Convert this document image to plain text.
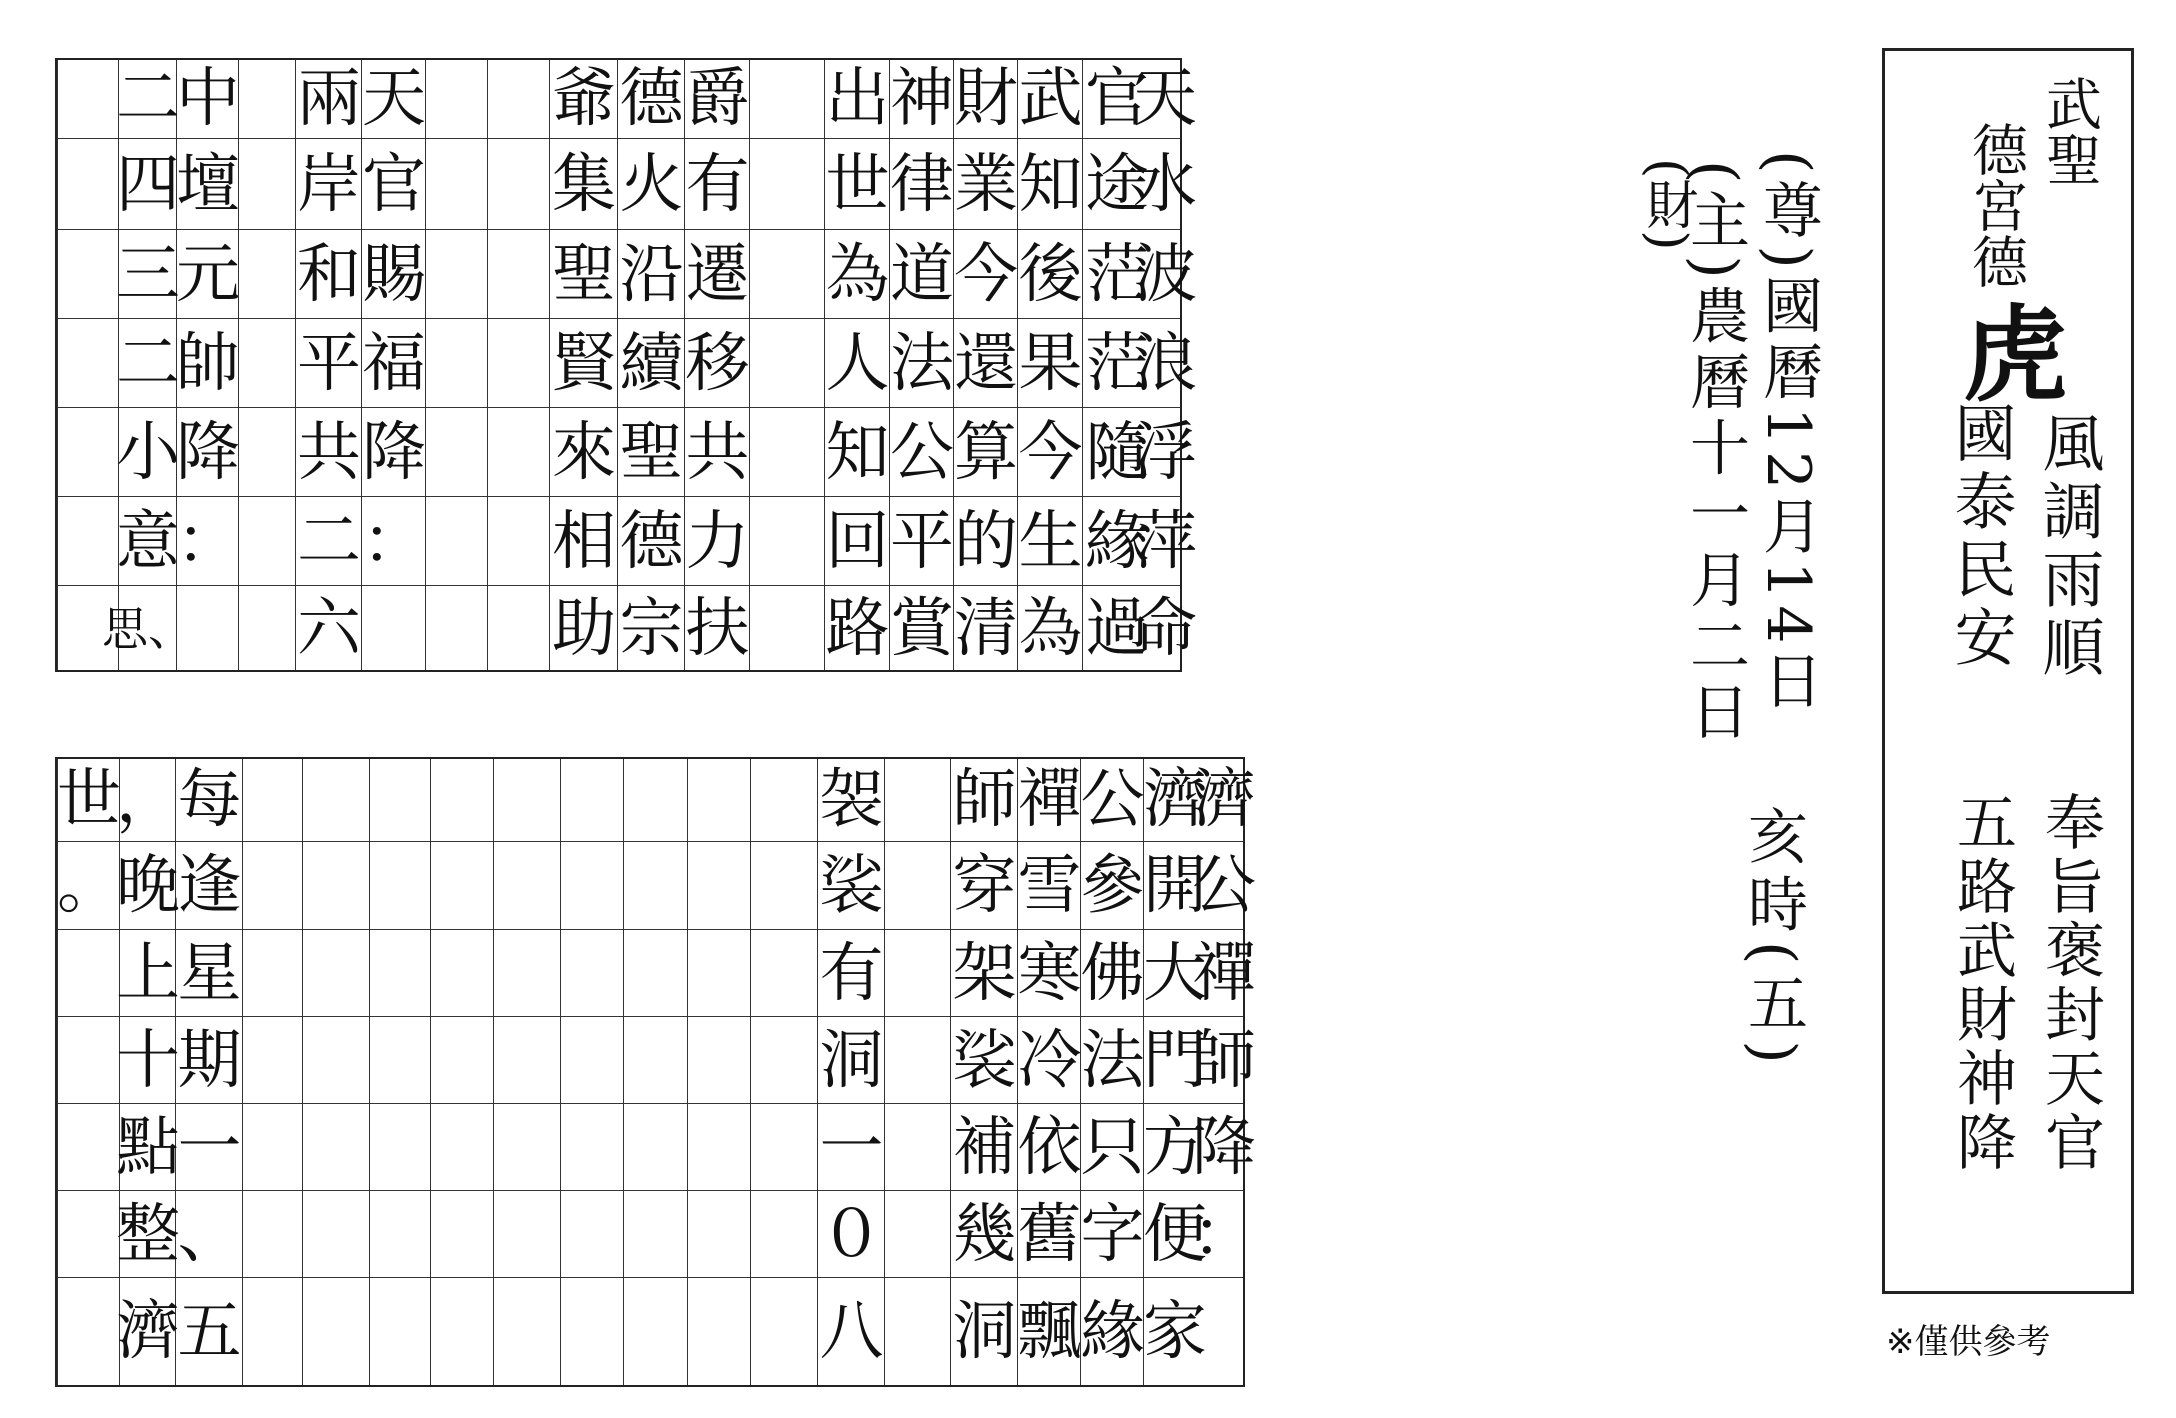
天
水
波
浪
浮
萍
命
官
途
茫
茫
隨
緣
過
武
知
後
果
今
生
為
財
業
今
還
算
的
清
神
律
道
法
公
平
賞
出
世
為
人
知
回
路
爵
有
遷
移
共
力
扶
德
火
沿
續
聖
德
宗
爺
集
聖
賢
來
相
助
天
官
賜
福
降
：
兩
岸
和
平
共
二
六
中
壇
元
帥
降
：
二
四
三
二
小
意
思、
濟
公
禪
師
降
：
濟
開
大
門
方
便
家
公
參
佛
法
只
字
緣
禪
雪
寒
冷
依
舊
飄
師
穿
架
裟
補
幾
洞
袈
裟
有
洞
一
０
八
每
逢
星
期
一
、
五
，
晚
上
十
點
整
濟
世
。
(尊)國曆12月14日
(主)農曆十一月二日
(財)
亥時(五)
武聖
德宮德
虎
風調雨順
國泰民安
奉旨褒封天官
五路武財神降
※僅供參考
